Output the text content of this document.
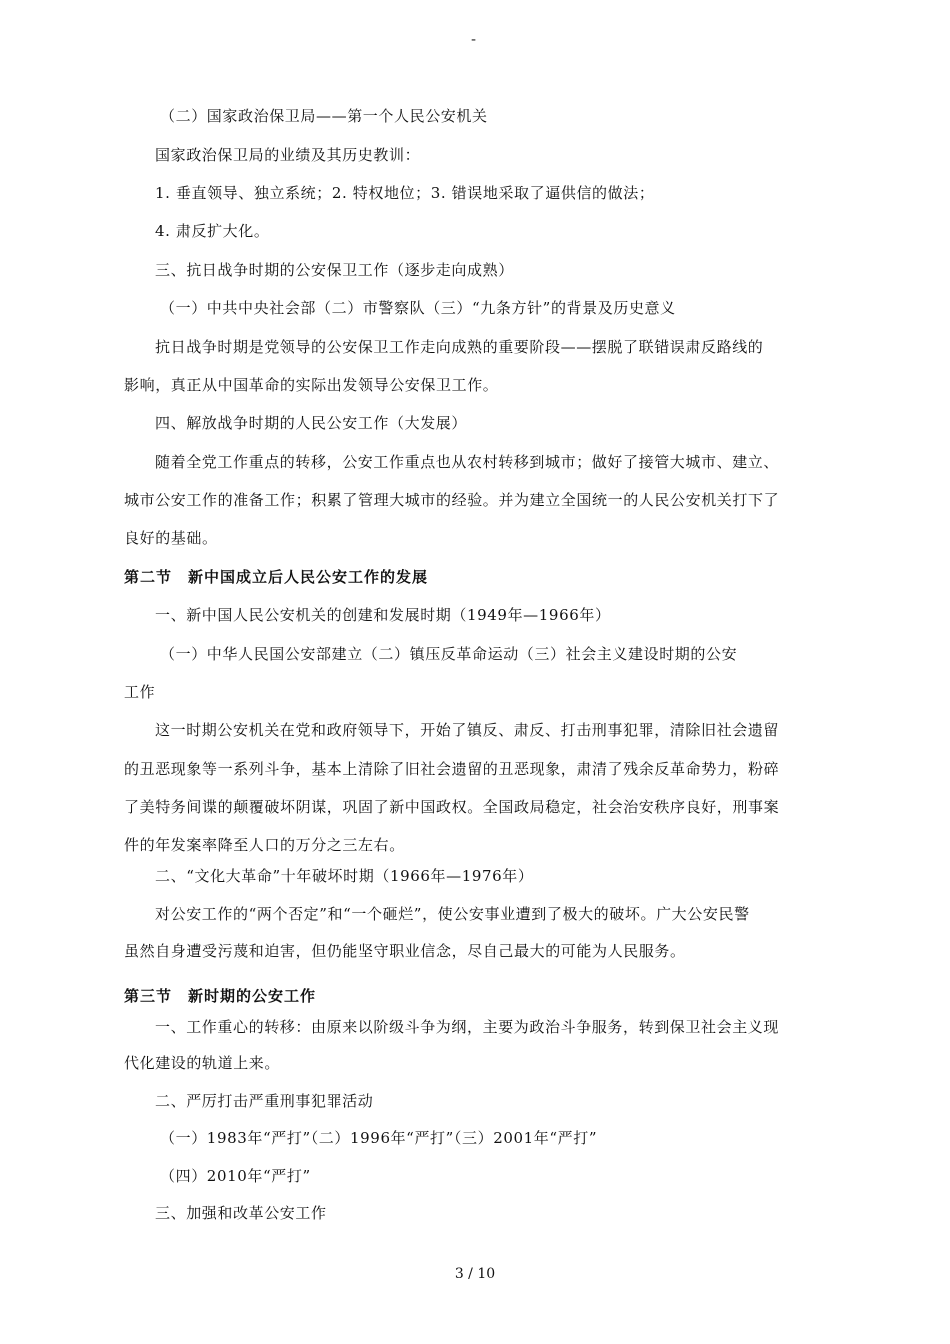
-
（二）国家政治保卫局——第一个人民公安机关
国家政治保卫局的业绩及其历史教训：
1. 垂直领导、独立系统；2. 特权地位；3. 错误地采取了逼供信的做法；
4. 肃反扩大化。
三、抗日战争时期的公安保卫工作（逐步走向成熟）
（一）中共中央社会部（二）市警察队（三）“九条方针”的背景及历史意义
抗日战争时期是党领导的公安保卫工作走向成熟的重要阶段——摆脱了联错误肃反路线的
影响，真正从中国革命的实际出发领导公安保卫工作。
四、解放战争时期的人民公安工作（大发展）
随着全党工作重点的转移，公安工作重点也从农村转移到城市；做好了接管大城市、建立、
城市公安工作的准备工作；积累了管理大城市的经验。并为建立全国统一的人民公安机关打下了
良好的基础。
第二节　新中国成立后人民公安工作的发展
一、新中国人民公安机关的创建和发展时期（1949年—1966年）
（一）中华人民国公安部建立（二）镇压反革命运动（三）社会主义建设时期的公安
工作
这一时期公安机关在党和政府领导下，开始了镇反、肃反、打击刑事犯罪，清除旧社会遗留
的丑恶现象等一系列斗争，基本上清除了旧社会遗留的丑恶现象，肃清了残余反革命势力，粉碎
了美特务间谍的颠覆破坏阴谋，巩固了新中国政权。全国政局稳定，社会治安秩序良好，刑事案
件的年发案率降至人口的万分之三左右。
二、“文化大革命”十年破坏时期（1966年—1976年）
对公安工作的“两个否定”和“一个砸烂”，使公安事业遭到了极大的破坏。广大公安民警
虽然自身遭受污蔑和迫害，但仍能坚守职业信念，尽自己最大的可能为人民服务。
第三节　新时期的公安工作
一、工作重心的转移：由原来以阶级斗争为纲，主要为政治斗争服务，转到保卫社会主义现
代化建设的轨道上来。
二、严厉打击严重刑事犯罪活动
（一）1983年“严打”（二）1996年“严打”（三）2001年“严打”
（四）2010年“严打”
三、加强和改革公安工作
3 / 10
